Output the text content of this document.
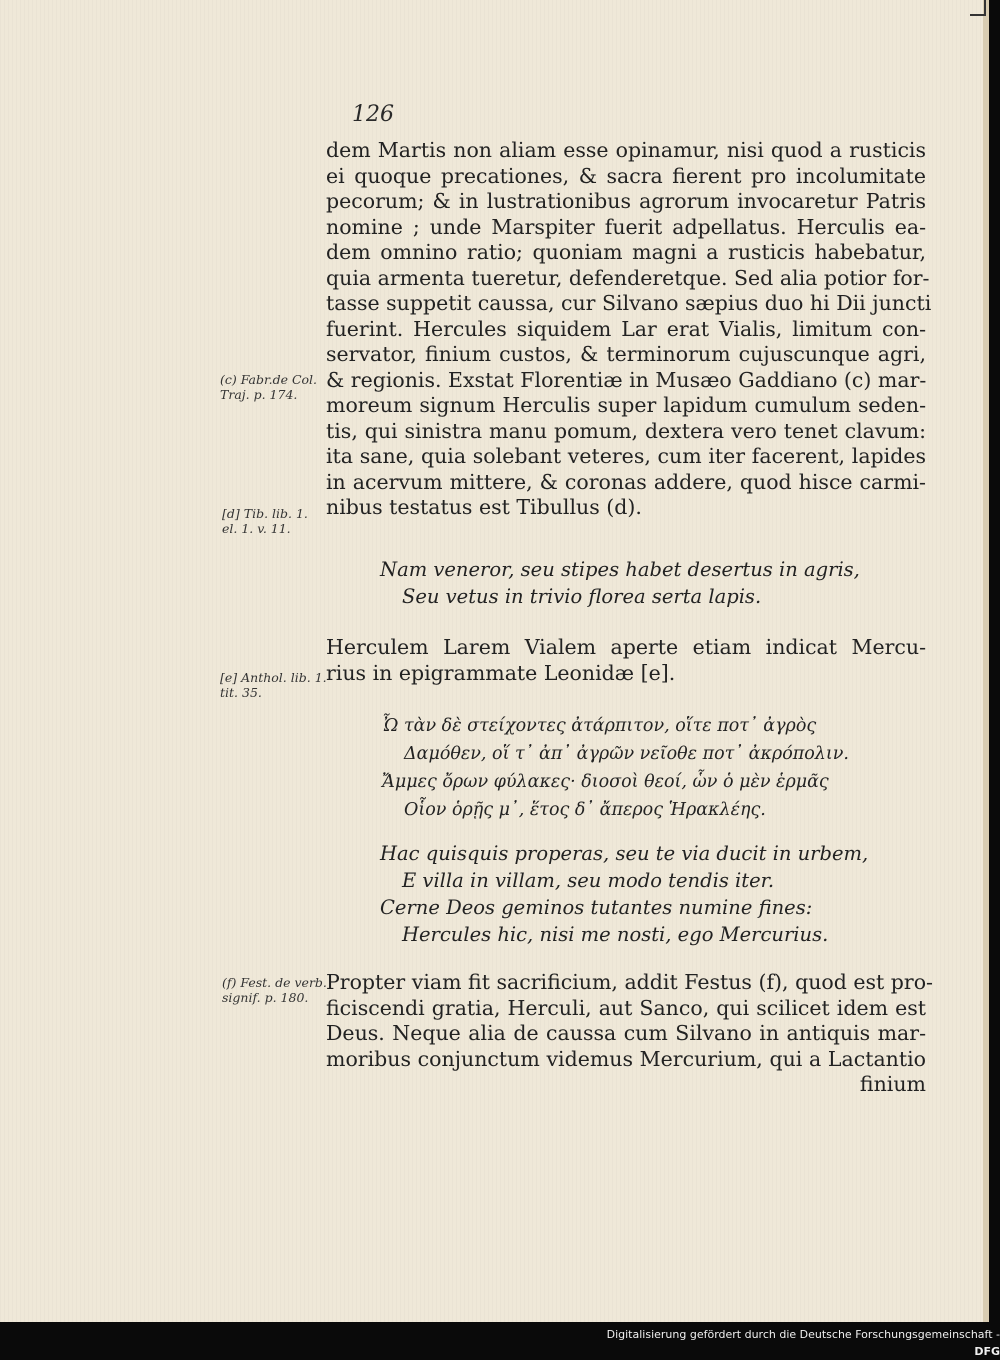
126
dem Martis non aliam esse opinamur, nisi quod a rusticis
ei quoque precationes, & sacra fierent pro incolumitate
pecorum; & in lustrationibus agrorum invocaretur Patris
nomine ; unde Marspiter fuerit adpellatus. Herculis ea-
dem omnino ratio; quoniam magni a rusticis habebatur,
quia armenta tueretur, defenderetque. Sed alia potior for-
tasse suppetit caussa, cur Silvano sæpius duo hi Dii juncti
fuerint. Hercules siquidem Lar erat Vialis, limitum con-
servator, finium custos, & terminorum cujuscunque agri,
& regionis. Exstat Florentiæ in Musæo Gaddiano (c) mar-
moreum signum Herculis super lapidum cumulum seden-
tis, qui sinistra manu pomum, dextera vero tenet clavum:
ita sane, quia solebant veteres, cum iter facerent, lapides
in acervum mittere, & coronas addere, quod hisce carmi-
nibus testatus est Tibullus (d).
(c) Fabr.de Col.
Traj. p. 174.
[d] Tib. lib. 1.
el. 1. v. 11.
Nam veneror, seu stipes habet desertus in agris,
Seu vetus in trivio florea serta lapis.
Herculem Larem Vialem aperte etiam indicat Mercu-
rius in epigrammate Leonidæ [e].
[e] Anthol. lib. 1.
tit. 35.
Ὦ τὰν δὲ στείχοντες ἀτάρπιτον, οἵτε ποτ᾽ ἀγρὸς
Δαμόθεν, οἵ τ᾽ ἀπ᾽ ἀγρῶν νεῖοθε ποτ᾽ ἀκρόπολιν.
Ἄμμες ὄρων φύλακες· διοσοὶ θεοί, ὧν ὁ μὲν ἑρμᾶς
Οἷον ὁρῇς μ᾽, ἕτος δ᾽ ἄπερος Ἡρακλέης.
Hac quisquis properas, seu te via ducit in urbem,
E villa in villam, seu modo tendis iter.
Cerne Deos geminos tutantes numine fines:
Hercules hic, nisi me nosti, ego Mercurius.
(f) Fest. de verb.
signif. p. 180.
Propter viam fit sacrificium, addit Festus (f), quod est pro-
ficiscendi gratia, Herculi, aut Sanco, qui scilicet idem est
Deus. Neque alia de caussa cum Silvano in antiquis mar-
moribus conjunctum videmus Mercurium, qui a Lactantio
finium
Digitalisierung gefördert durch die Deutsche Forschungsgemeinschaft -DFG
